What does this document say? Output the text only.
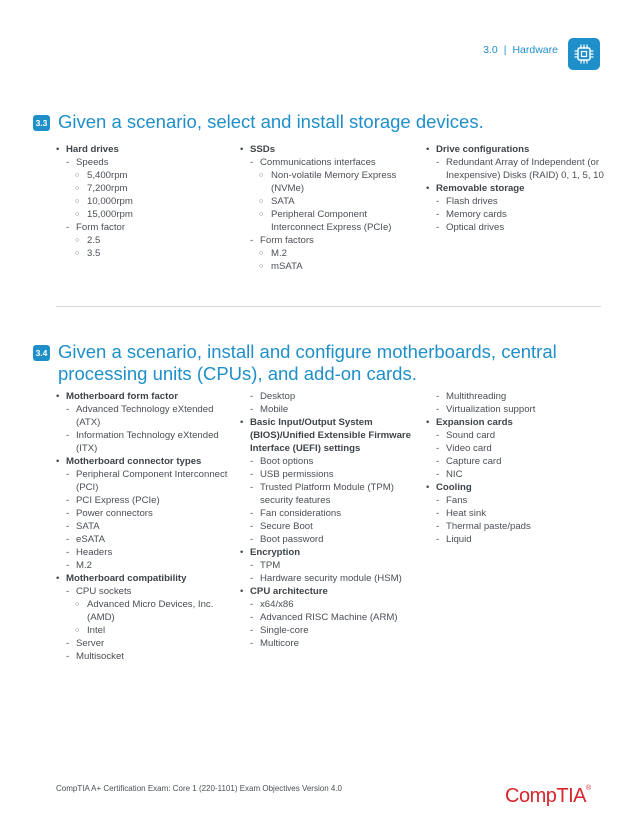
3.0 | Hardware
3.3 Given a scenario, select and install storage devices.
• Hard drives
- Speeds
○ 5,400rpm
○ 7,200rpm
○ 10,000rpm
○ 15,000rpm
- Form factor
○ 2.5
○ 3.5
• SSDs
- Communications interfaces
○ Non-volatile Memory Express (NVMe)
○ SATA
○ Peripheral Component Interconnect Express (PCIe)
- Form factors
○ M.2
○ mSATA
• Drive configurations
- Redundant Array of Independent (or Inexpensive) Disks (RAID) 0, 1, 5, 10
• Removable storage
- Flash drives
- Memory cards
- Optical drives
3.4 Given a scenario, install and configure motherboards, central processing units (CPUs), and add-on cards.
• Motherboard form factor
- Advanced Technology eXtended (ATX)
- Information Technology eXtended (ITX)
• Motherboard connector types
- Peripheral Component Interconnect (PCI)
- PCI Express (PCIe)
- Power connectors
- SATA
- eSATA
- Headers
- M.2
• Motherboard compatibility
- CPU sockets
○ Advanced Micro Devices, Inc. (AMD)
○ Intel
- Server
- Multisocket
- Desktop
- Mobile
• Basic Input/Output System (BIOS)/Unified Extensible Firmware Interface (UEFI) settings
- Boot options
- USB permissions
- Trusted Platform Module (TPM) security features
- Fan considerations
- Secure Boot
- Boot password
• Encryption
- TPM
- Hardware security module (HSM)
• CPU architecture
- x64/x86
- Advanced RISC Machine (ARM)
- Single-core
- Multicore
- Multithreading
- Virtualization support
• Expansion cards
- Sound card
- Video card
- Capture card
- NIC
• Cooling
- Fans
- Heat sink
- Thermal paste/pads
- Liquid
CompTIA A+ Certification Exam: Core 1 (220-1101) Exam Objectives Version 4.0	CompTIA®
